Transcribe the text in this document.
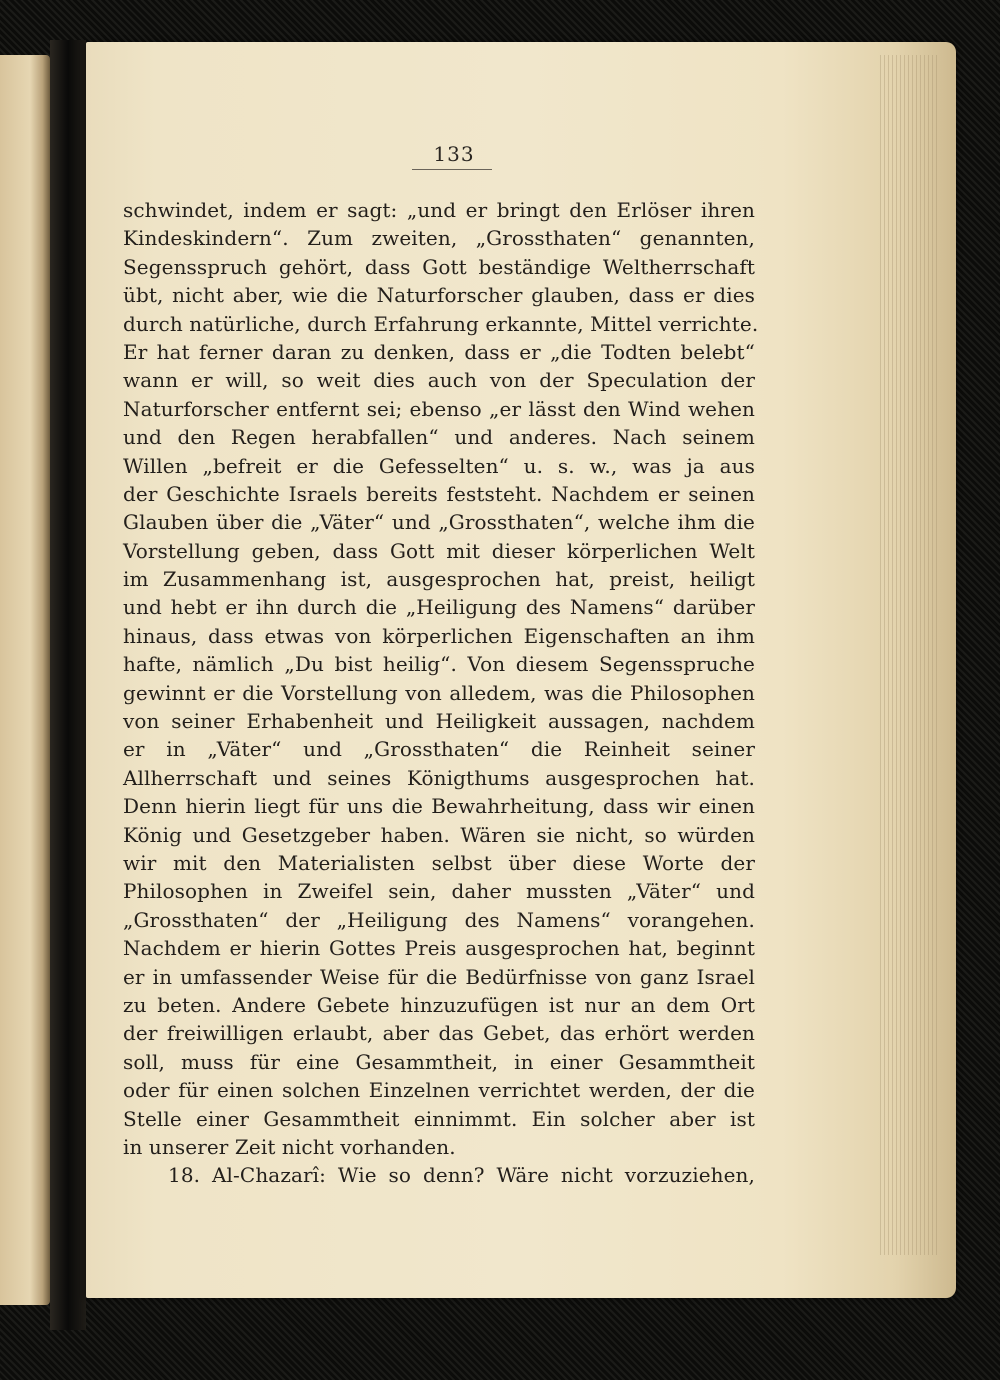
133
schwindet, indem er sagt: „und er bringt den Erlöser ihren
Kindeskindern“. Zum zweiten, „Grossthaten“ genannten,
Segensspruch gehört, dass Gott beständige Weltherrschaft
übt, nicht aber, wie die Naturforscher glauben, dass er dies
durch natürliche, durch Erfahrung erkannte, Mittel verrichte.
Er hat ferner daran zu denken, dass er „die Todten belebt“
wann er will, so weit dies auch von der Speculation der
Naturforscher entfernt sei; ebenso „er lässt den Wind wehen
und den Regen herabfallen“ und anderes. Nach seinem
Willen „befreit er die Gefesselten“ u. s. w., was ja aus
der Geschichte Israels bereits feststeht. Nachdem er seinen
Glauben über die „Väter“ und „Grossthaten“, welche ihm die
Vorstellung geben, dass Gott mit dieser körperlichen Welt
im Zusammenhang ist, ausgesprochen hat, preist, heiligt
und hebt er ihn durch die „Heiligung des Namens“ darüber
hinaus, dass etwas von körperlichen Eigenschaften an ihm
hafte, nämlich „Du bist heilig“. Von diesem Segensspruche
gewinnt er die Vorstellung von alledem, was die Philosophen
von seiner Erhabenheit und Heiligkeit aussagen, nachdem
er in „Väter“ und „Grossthaten“ die Reinheit seiner
Allherrschaft und seines Königthums ausgesprochen hat.
Denn hierin liegt für uns die Bewahrheitung, dass wir einen
König und Gesetzgeber haben. Wären sie nicht, so würden
wir mit den Materialisten selbst über diese Worte der
Philosophen in Zweifel sein, daher mussten „Väter“ und
„Grossthaten“ der „Heiligung des Namens“ vorangehen.
Nachdem er hierin Gottes Preis ausgesprochen hat, beginnt
er in umfassender Weise für die Bedürfnisse von ganz Israel
zu beten. Andere Gebete hinzuzufügen ist nur an dem Ort
der freiwilligen erlaubt, aber das Gebet, das erhört werden
soll, muss für eine Gesammtheit, in einer Gesammtheit
oder für einen solchen Einzelnen verrichtet werden, der die
Stelle einer Gesammtheit einnimmt. Ein solcher aber ist
in unserer Zeit nicht vorhanden.
18. Al-Chazarî: Wie so denn? Wäre nicht vorzuziehen,
